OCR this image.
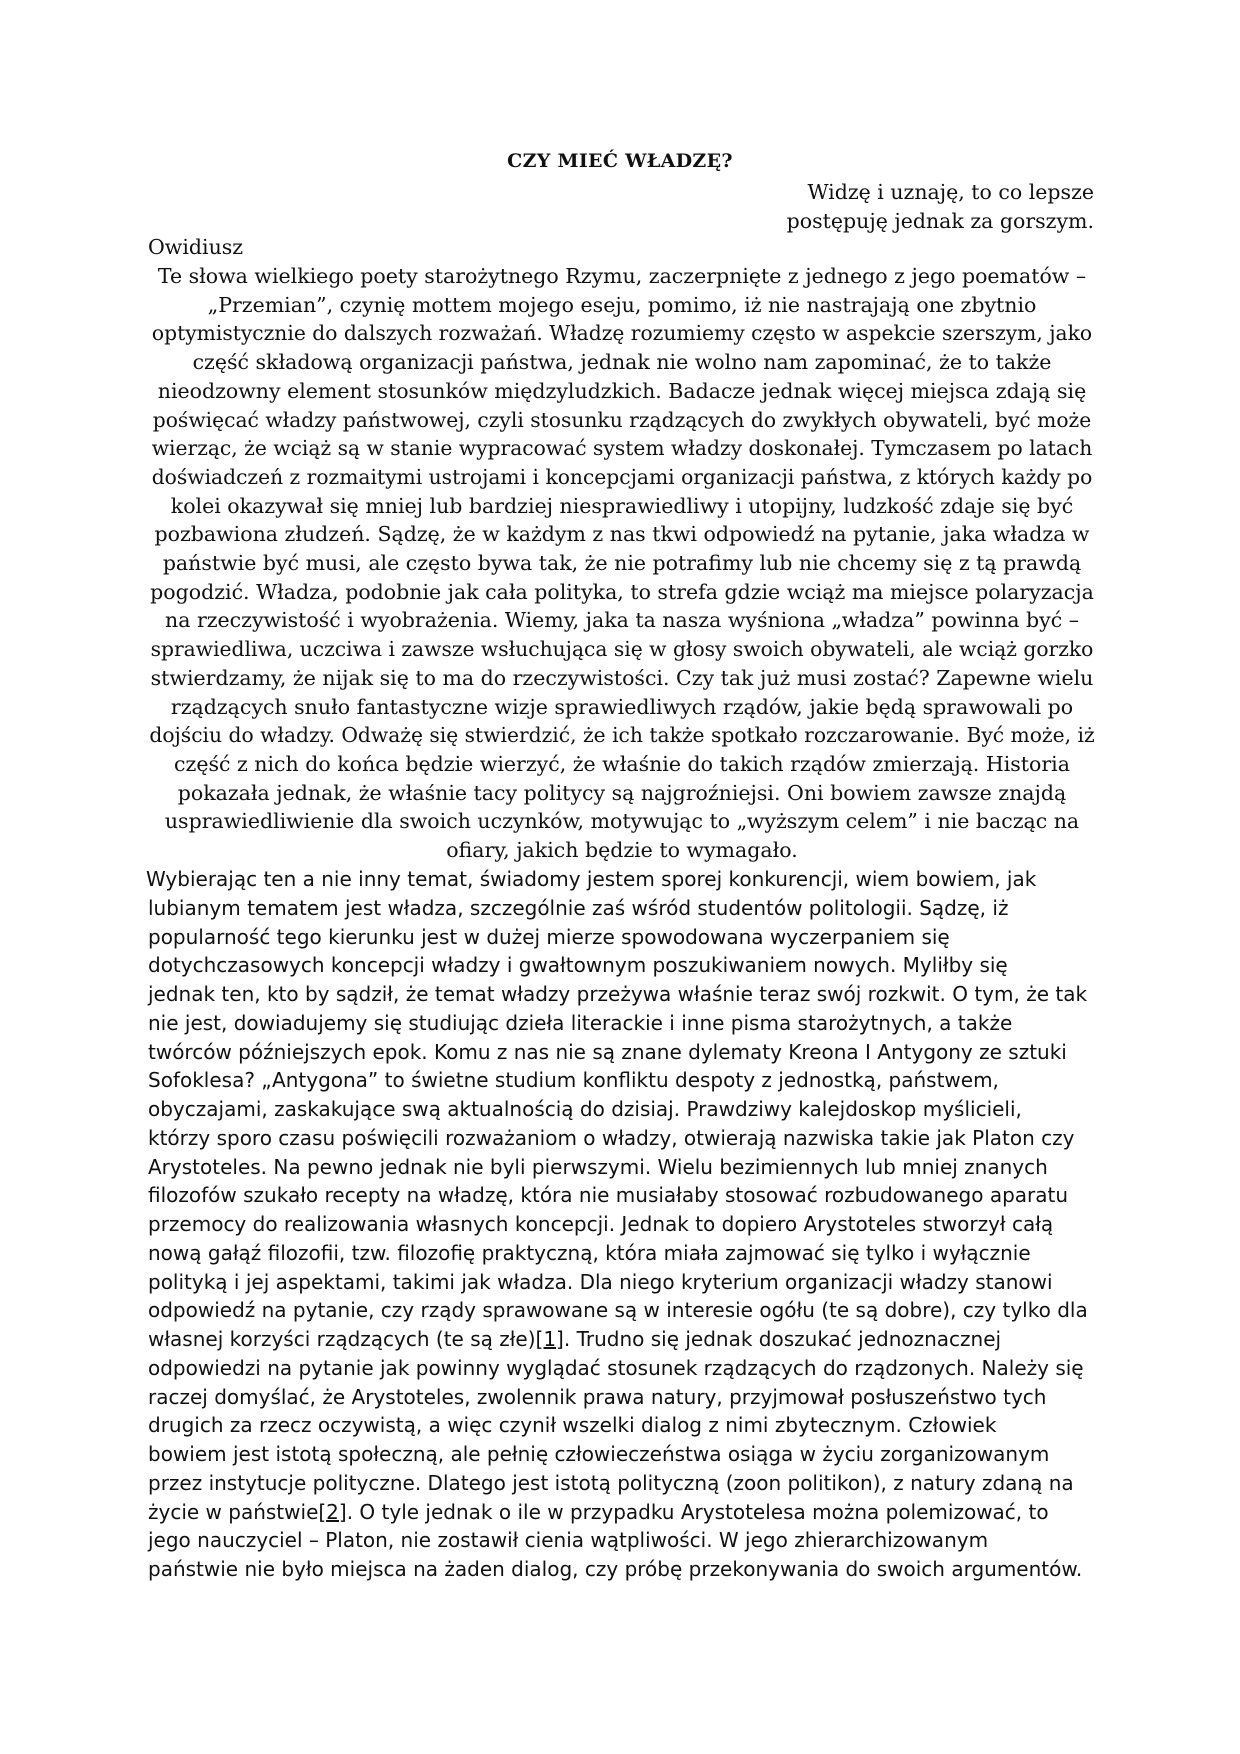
CZY MIEĆ WŁADZĘ?
Widzę i uznaję, to co lepsze
postępuję jednak za gorszym.
Owidiusz
Te słowa wielkiego poety starożytnego Rzymu, zaczerpnięte z jednego z jego poematów –
„Przemian”, czynię mottem mojego eseju, pomimo, iż nie nastrajają one zbytnio
optymistycznie do dalszych rozważań. Władzę rozumiemy często w aspekcie szerszym, jako
część składową organizacji państwa, jednak nie wolno nam zapominać, że to także
nieodzowny element stosunków międzyludzkich. Badacze jednak więcej miejsca zdają się
poświęcać władzy państwowej, czyli stosunku rządzących do zwykłych obywateli, być może
wierząc, że wciąż są w stanie wypracować system władzy doskonałej. Tymczasem po latach
doświadczeń z rozmaitymi ustrojami i koncepcjami organizacji państwa, z których każdy po
kolei okazywał się mniej lub bardziej niesprawiedliwy i utopijny, ludzkość zdaje się być
pozbawiona złudzeń. Sądzę, że w każdym z nas tkwi odpowiedź na pytanie, jaka władza w
państwie być musi, ale często bywa tak, że nie potrafimy lub nie chcemy się z tą prawdą
pogodzić. Władza, podobnie jak cała polityka, to strefa gdzie wciąż ma miejsce polaryzacja
na rzeczywistość i wyobrażenia. Wiemy, jaka ta nasza wyśniona „władza” powinna być –
sprawiedliwa, uczciwa i zawsze wsłuchująca się w głosy swoich obywateli, ale wciąż gorzko
stwierdzamy, że nijak się to ma do rzeczywistości. Czy tak już musi zostać? Zapewne wielu
rządzących snuło fantastyczne wizje sprawiedliwych rządów, jakie będą sprawowali po
dojściu do władzy. Odważę się stwierdzić, że ich także spotkało rozczarowanie. Być może, iż
część z nich do końca będzie wierzyć, że właśnie do takich rządów zmierzają. Historia
pokazała jednak, że właśnie tacy politycy są najgroźniejsi. Oni bowiem zawsze znajdą
usprawiedliwienie dla swoich uczynków, motywując to „wyższym celem” i nie bacząc na
ofiary, jakich będzie to wymagało.
Wybierając ten a nie inny temat, świadomy jestem sporej konkurencji, wiem bowiem, jak
lubianym tematem jest władza, szczególnie zaś wśród studentów politologii. Sądzę, iż
popularność tego kierunku jest w dużej mierze spowodowana wyczerpaniem się
dotychczasowych koncepcji władzy i gwałtownym poszukiwaniem nowych. Myliłby się
jednak ten, kto by sądził, że temat władzy przeżywa właśnie teraz swój rozkwit. O tym, że tak
nie jest, dowiadujemy się studiując dzieła literackie i inne pisma starożytnych, a także
twórców późniejszych epok. Komu z nas nie są znane dylematy Kreona I Antygony ze sztuki
Sofoklesa? „Antygona” to świetne studium konfliktu despoty z jednostką, państwem,
obyczajami, zaskakujące swą aktualnością do dzisiaj. Prawdziwy kalejdoskop myślicieli,
którzy sporo czasu poświęcili rozważaniom o władzy, otwierają nazwiska takie jak Platon czy
Arystoteles. Na pewno jednak nie byli pierwszymi. Wielu bezimiennych lub mniej znanych
filozofów szukało recepty na władzę, która nie musiałaby stosować rozbudowanego aparatu
przemocy do realizowania własnych koncepcji. Jednak to dopiero Arystoteles stworzył całą
nową gałąź filozofii, tzw. filozofię praktyczną, która miała zajmować się tylko i wyłącznie
polityką i jej aspektami, takimi jak władza. Dla niego kryterium organizacji władzy stanowi
odpowiedź na pytanie, czy rządy sprawowane są w interesie ogółu (te są dobre), czy tylko dla
własnej korzyści rządzących (te są złe)[1]. Trudno się jednak doszukać jednoznacznej
odpowiedzi na pytanie jak powinny wyglądać stosunek rządzących do rządzonych. Należy się
raczej domyślać, że Arystoteles, zwolennik prawa natury, przyjmował posłuszeństwo tych
drugich za rzecz oczywistą, a więc czynił wszelki dialog z nimi zbytecznym. Człowiek
bowiem jest istotą społeczną, ale pełnię człowieczeństwa osiąga w życiu zorganizowanym
przez instytucje polityczne. Dlatego jest istotą polityczną (zoon politikon), z natury zdaną na
życie w państwie[2]. O tyle jednak o ile w przypadku Arystotelesa można polemizować, to
jego nauczyciel – Platon, nie zostawił cienia wątpliwości. W jego zhierarchizowanym
państwie nie było miejsca na żaden dialog, czy próbę przekonywania do swoich argumentów.
